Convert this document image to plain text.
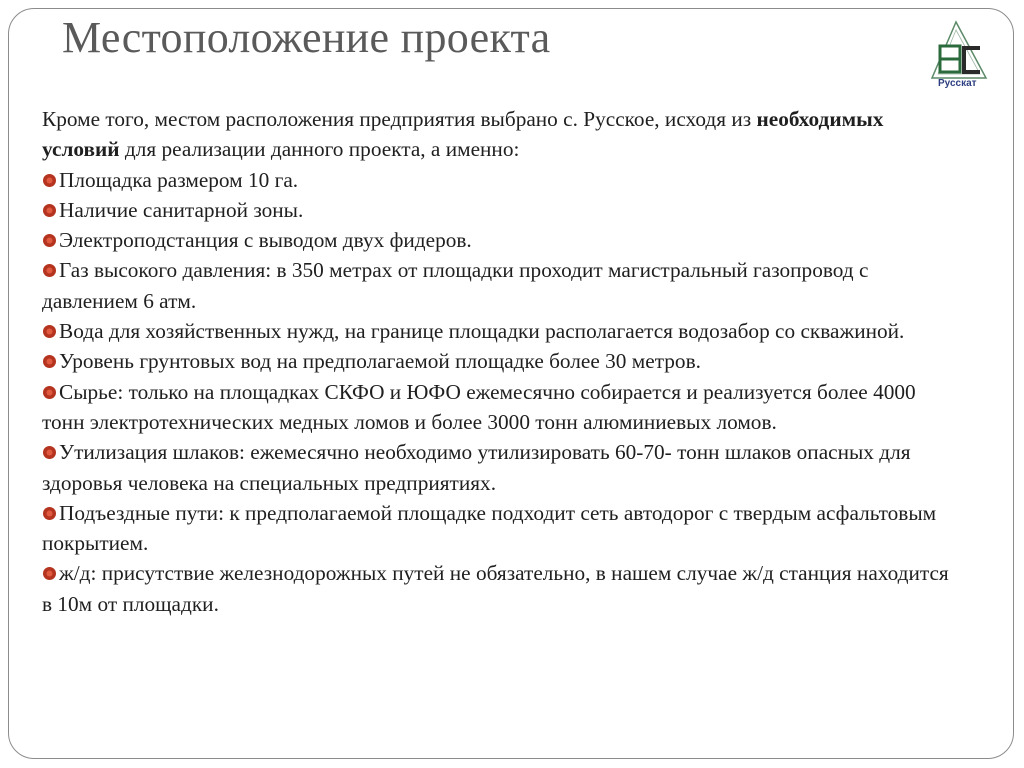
Местоположение проекта
Русскат

Кроме того, местом расположения предприятия выбрано с. Русское, исходя из необходимых условий для реализации данного проекта, а именно:

Площадка размером 10 га.

Наличие санитарной зоны.

Электроподстанция с выводом двух фидеров.

Газ высокого давления: в 350 метрах от площадки проходит магистральный газопровод с давлением 6 атм.

Вода для хозяйственных нужд, на границе площадки располагается водозабор со скважиной.

Уровень грунтовых вод на предполагаемой площадке более 30 метров.

Сырье: только на площадках СКФО и ЮФО ежемесячно собирается и реализуется более 4000 тонн электротехнических медных ломов и более 3000 тонн алюминиевых ломов.

Утилизация шлаков: ежемесячно необходимо утилизировать 60-70- тонн шлаков опасных для здоровья человека на специальных предприятиях.

Подъездные пути: к предполагаемой площадке подходит сеть автодорог с твердым асфальтовым покрытием.

ж/д: присутствие железнодорожных путей не обязательно, в нашем случае ж/д станция находится в 10м от площадки.
